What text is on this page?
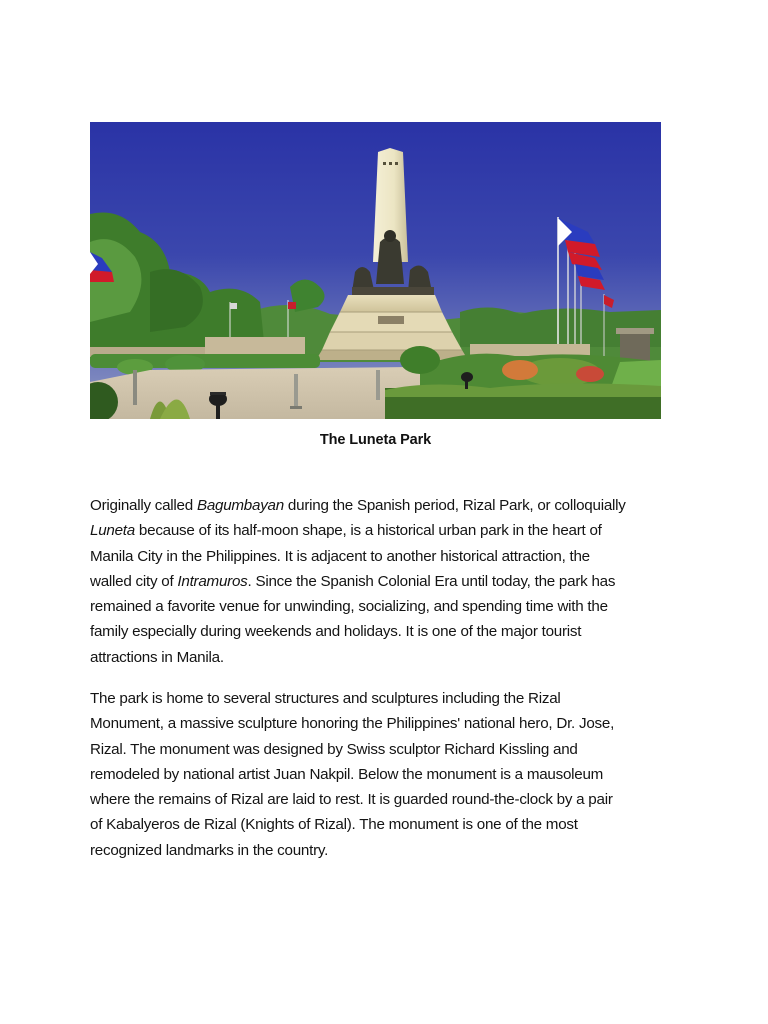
The Luneta Park
Originally called Bagumbayan during the Spanish period, Rizal Park, or colloquially
Luneta because of its half-moon shape, is a historical urban park in the heart of
Manila City in the Philippines. It is adjacent to another historical attraction, the
walled city of Intramuros. Since the Spanish Colonial Era until today, the park has
remained a favorite venue for unwinding, socializing, and spending time with the
family especially during weekends and holidays. It is one of the major tourist
attractions in Manila.
The park is home to several structures and sculptures including the Rizal
Monument, a massive sculpture honoring the Philippines' national hero, Dr. Jose,
Rizal. The monument was designed by Swiss sculptor Richard Kissling and
remodeled by national artist Juan Nakpil. Below the monument is a mausoleum
where the remains of Rizal are laid to rest. It is guarded round-the-clock by a pair
of Kabalyeros de Rizal (Knights of Rizal). The monument is one of the most
recognized landmarks in the country.
